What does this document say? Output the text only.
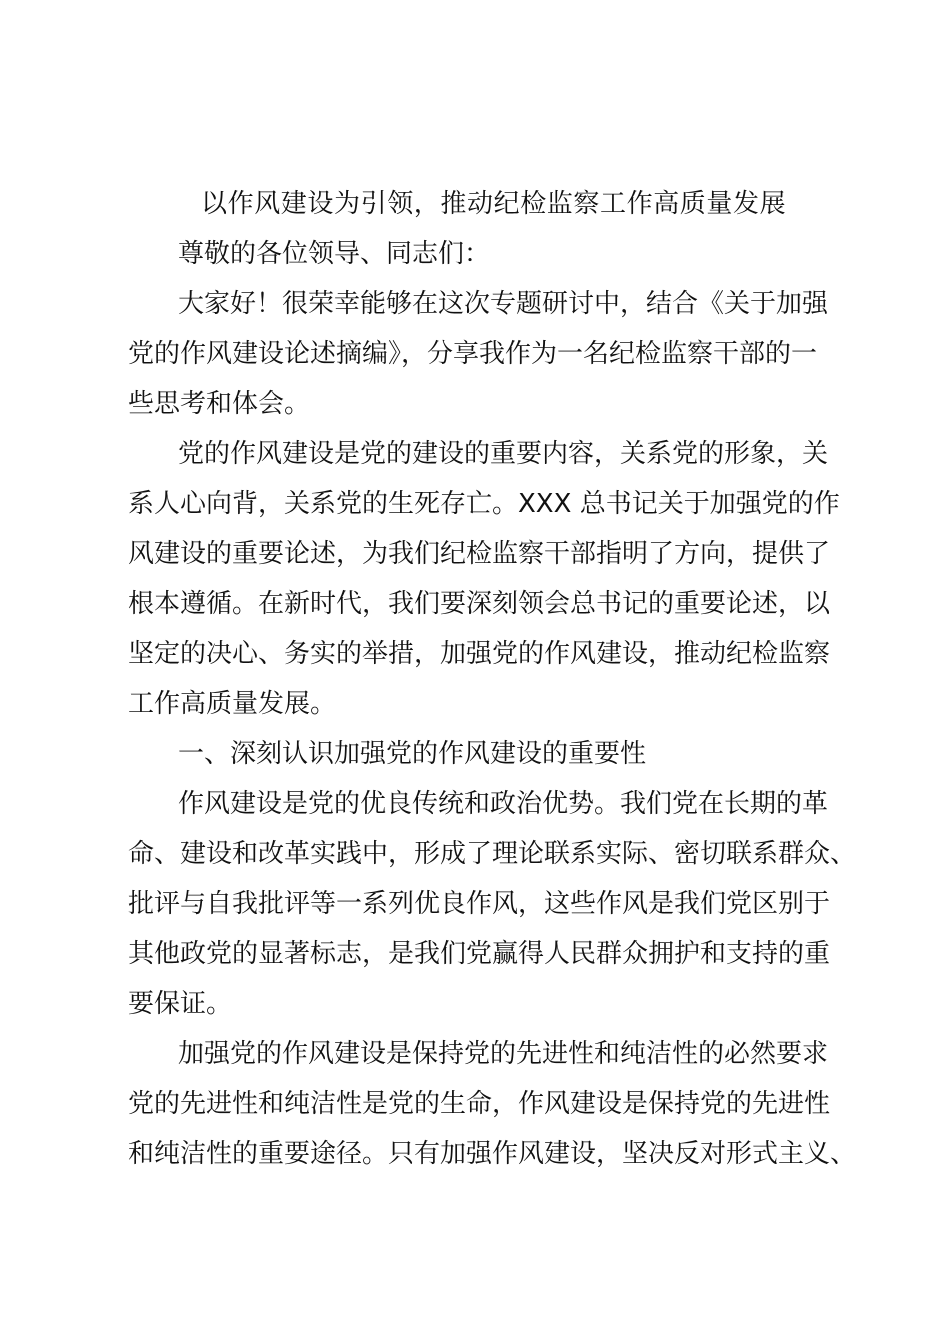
以作风建设为引领，推动纪检监察工作高质量发展
尊敬的各位领导、同志们：
大家好！很荣幸能够在这次专题研讨中，结合《关于加强
党的作风建设论述摘编》，分享我作为一名纪检监察干部的一
些思考和体会。
党的作风建设是党的建设的重要内容，关系党的形象，关
系人心向背，关系党的生死存亡。XXX 总书记关于加强党的作
风建设的重要论述，为我们纪检监察干部指明了方向，提供了
根本遵循。在新时代，我们要深刻领会总书记的重要论述，以
坚定的决心、务实的举措，加强党的作风建设，推动纪检监察
工作高质量发展。
一、深刻认识加强党的作风建设的重要性
作风建设是党的优良传统和政治优势。我们党在长期的革
命、建设和改革实践中，形成了理论联系实际、密切联系群众、
批评与自我批评等一系列优良作风，这些作风是我们党区别于
其他政党的显著标志，是我们党赢得人民群众拥护和支持的重
要保证。
加强党的作风建设是保持党的先进性和纯洁性的必然要求
党的先进性和纯洁性是党的生命，作风建设是保持党的先进性
和纯洁性的重要途径。只有加强作风建设，坚决反对形式主义、
